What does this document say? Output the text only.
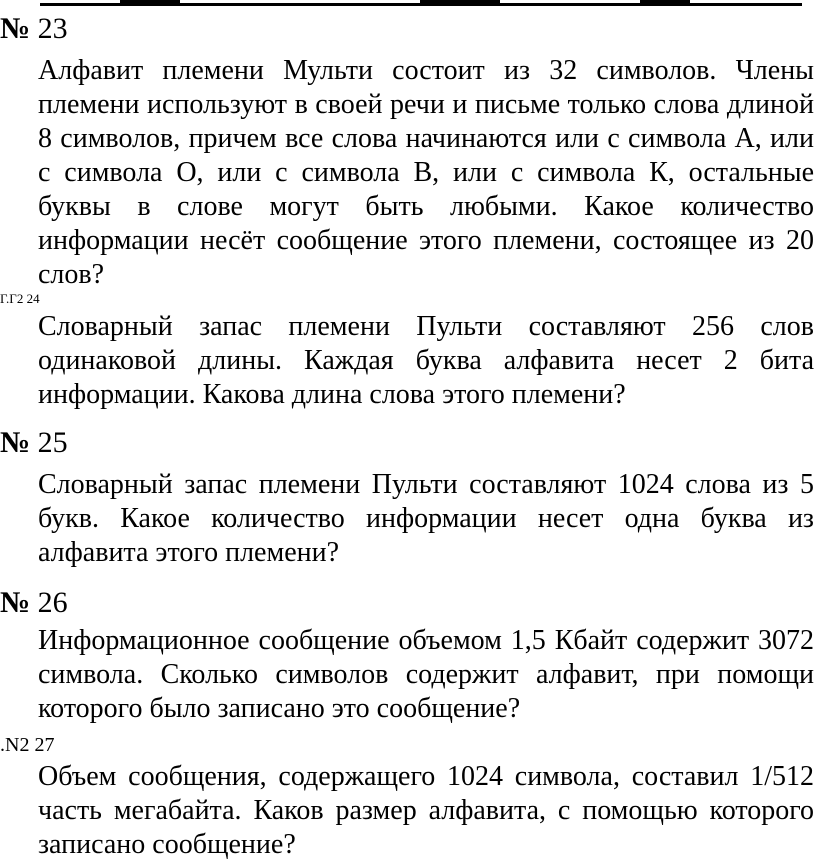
№ 23

Алфавит племени Мульти состоит из 32 символов. Члены племени используют в своей речи и письме только слова длиной 8 символов, причем все слова начинаются или с символа А, или с символа О, или с символа В, или с символа К, остальные буквы в слове могут быть любыми. Какое количество информации несёт сообщение этого племени, состоящее из 20 слов?

Г.Г2 24

Словарный запас племени Пульти составляют 256 слов одинаковой длины. Каждая буква алфавита несет 2 бита информации. Какова длина слова этого племени?

№ 25

Словарный запас племени Пульти составляют 1024 слова из 5 букв. Какое количество информации несет одна буква из алфавита этого племени?

№ 26

Информационное сообщение объемом 1,5 Кбайт содержит 3072 символа. Сколько символов содержит алфавит, при помощи которого было записано это сообщение?

.N2 27

Объем сообщения, содержащего 1024 символа, составил 1/512 часть мегабайта. Каков размер алфавита, с помощью которого записано сообщение?
